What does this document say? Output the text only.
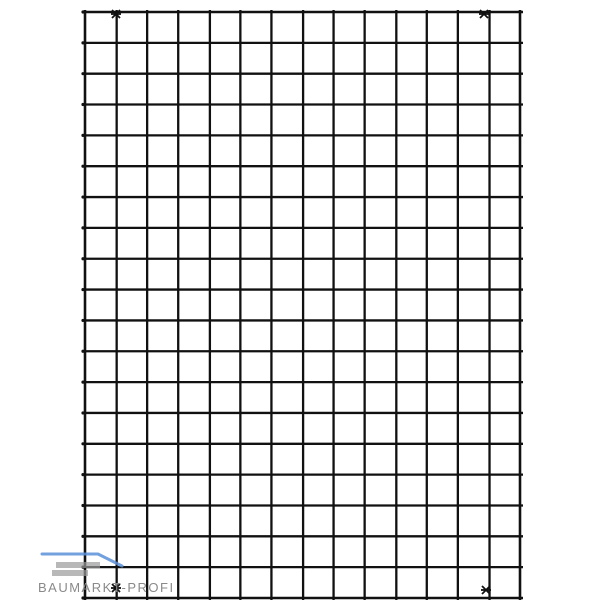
BAUMARKT-PROFI
